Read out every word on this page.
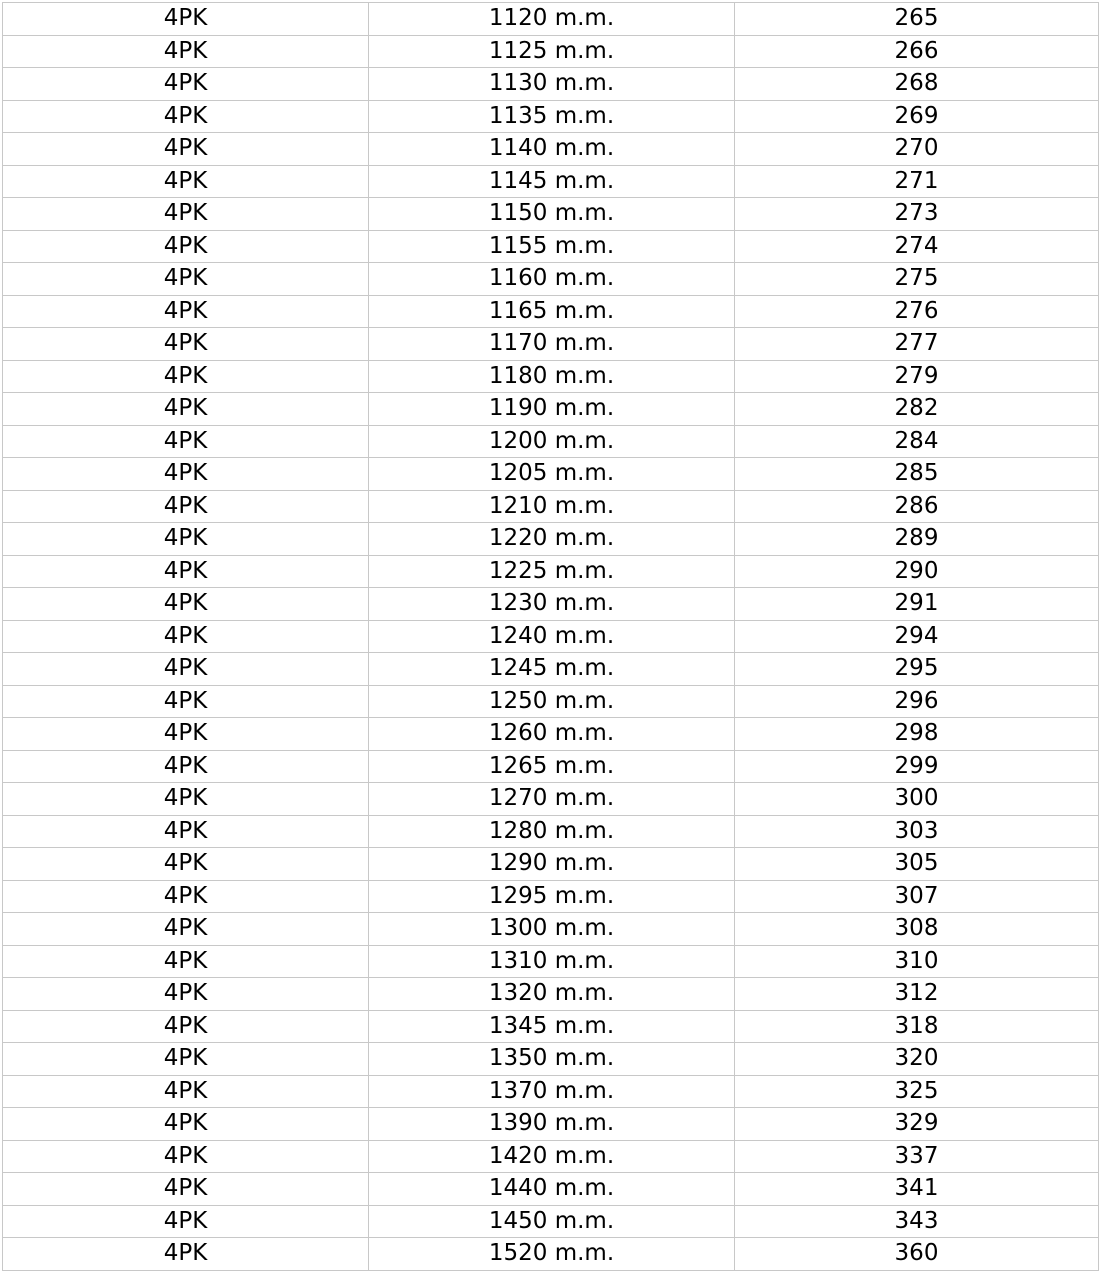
4PK	1120 m.m.	265
4PK	1125 m.m.	266
4PK	1130 m.m.	268
4PK	1135 m.m.	269
4PK	1140 m.m.	270
4PK	1145 m.m.	271
4PK	1150 m.m.	273
4PK	1155 m.m.	274
4PK	1160 m.m.	275
4PK	1165 m.m.	276
4PK	1170 m.m.	277
4PK	1180 m.m.	279
4PK	1190 m.m.	282
4PK	1200 m.m.	284
4PK	1205 m.m.	285
4PK	1210 m.m.	286
4PK	1220 m.m.	289
4PK	1225 m.m.	290
4PK	1230 m.m.	291
4PK	1240 m.m.	294
4PK	1245 m.m.	295
4PK	1250 m.m.	296
4PK	1260 m.m.	298
4PK	1265 m.m.	299
4PK	1270 m.m.	300
4PK	1280 m.m.	303
4PK	1290 m.m.	305
4PK	1295 m.m.	307
4PK	1300 m.m.	308
4PK	1310 m.m.	310
4PK	1320 m.m.	312
4PK	1345 m.m.	318
4PK	1350 m.m.	320
4PK	1370 m.m.	325
4PK	1390 m.m.	329
4PK	1420 m.m.	337
4PK	1440 m.m.	341
4PK	1450 m.m.	343
4PK	1520 m.m.	360
